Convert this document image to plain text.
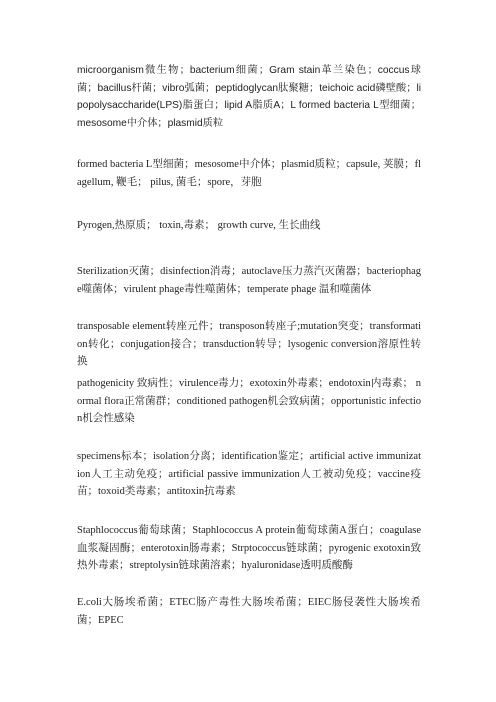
microorganism微生物；bacterium细菌；Gram stain革兰染色；coccus球菌；bacillus杆菌；vibro弧菌；peptidoglycan肽聚糖；teichoic acid磷壁酸；lipopolysaccharide(LPS)脂蛋白；lipid A脂质A；L formed bacteria L型细菌；mesosome中介体；plasmid质粒

formed bacteria L型细菌；mesosome中介体；plasmid质粒；capsule, 荚膜；flagellum, 鞭毛； pilus, 菌毛；spore，芽胞

Pyrogen,热原质； toxin,毒素； growth curve, 生长曲线

Sterilization灭菌；disinfection消毒；autoclave压力蒸汽灭菌器；bacteriophage噬菌体；virulent phage毒性噬菌体；temperate phage 温和噬菌体

transposable element转座元件；transposon转座子;mutation突变；transformation转化；conjugation接合；transduction转导；lysogenic conversion溶原性转换

pathogenicity 致病性；virulence毒力；exotoxin外毒素；endotoxin内毒素； normal flora正常菌群；conditioned pathogen机会致病菌；opportunistic infection机会性感染

specimens标本；isolation分离；identification鉴定；artificial active immunization人工主动免疫；artificial passive immunization人工被动免疫；vaccine疫苗；toxoid类毒素；antitoxin抗毒素

Staphlococcus葡萄球菌；Staphlococcus A protein葡萄球菌A蛋白；coagulase血浆凝固酶；enterotoxin肠毒素；Strptococcus链球菌；pyrogenic exotoxin致热外毒素；streptolysin链球菌溶素；hyaluronidase透明质酸酶

E.coli大肠埃希菌；ETEC肠产毒性大肠埃希菌；EIEC肠侵袭性大肠埃希菌；EPEC
